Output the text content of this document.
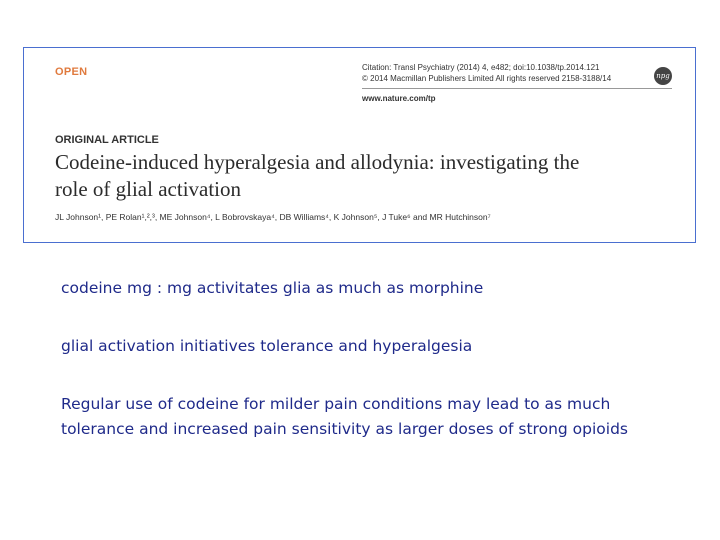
OPEN	Citation: Transl Psychiatry (2014) 4, e482; doi:10.1038/tp.2014.121
© 2014 Macmillan Publishers Limited All rights reserved 2158-3188/14
www.nature.com/tp
npg
ORIGINAL ARTICLE
Codeine-induced hyperalgesia and allodynia: investigating the
role of glial activation
JL Johnson¹, PE Rolan¹,²,³, ME Johnson⁴, L Bobrovskaya⁴, DB Williams⁴, K Johnson⁵, J Tuke⁶ and MR Hutchinson⁷
codeine mg : mg activitates glia as much as morphine
glial activation initiatives tolerance and hyperalgesia
Regular use of codeine for milder pain conditions may lead to as much
tolerance and increased pain sensitivity as larger doses of strong opioids
